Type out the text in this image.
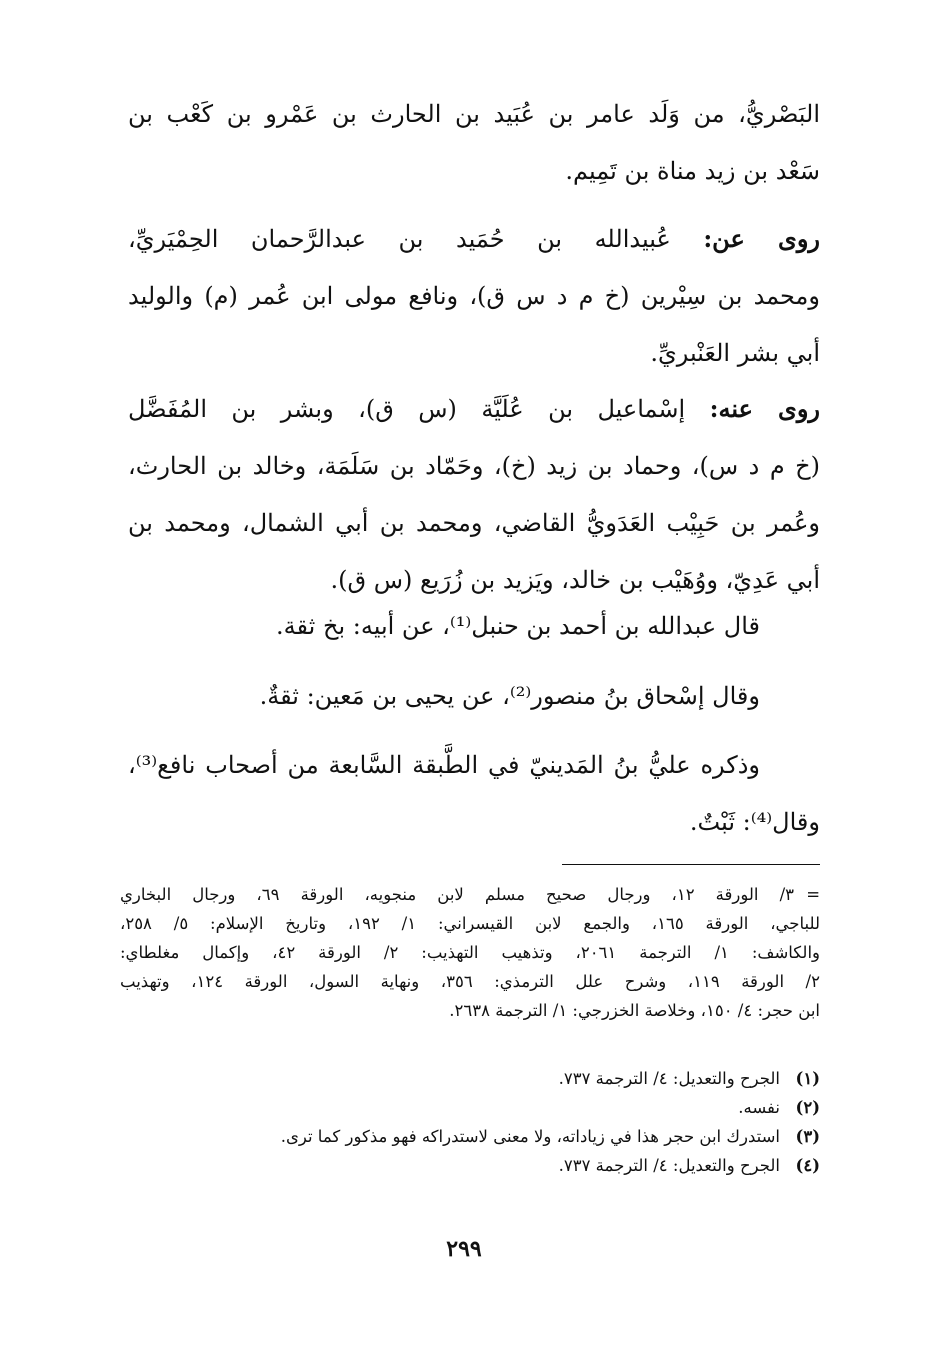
البَصْريُّ، من وَلَد عامر بن عُبَيد بن الحارث بن عَمْرو بن كَعْب بن
سَعْد بن زيد مناة بن تَمِيم.
روى عن: عُبيدالله بن حُمَيد بن عبدالرَّحمان الحِمْيَريِّ،
ومحمد بن سِيْرين (خ م د س ق)، ونافع مولى ابن عُمر (م) والوليد
أبي بشر العَنْبريِّ.
روى عنه: إسْماعيل بن عُلَيَّة (س ق)، وبشر بن المُفَضَّل
(خ م د س)، وحماد بن زيد (خ)، وحَمّاد بن سَلَمَة، وخالد بن الحارث،
وعُمر بن حَبِيْب العَدَويُّ القاضي، ومحمد بن أبي الشمال، ومحمد بن
أبي عَدِيّ، ووُهَيْب بن خالد، ويَزيد بن زُرَيع (س ق).
قال عبدالله بن أحمد بن حنبل⁽¹⁾، عن أبيه: بخ ثقة.
وقال إسْحاق بنُ منصور⁽²⁾، عن يحيى بن مَعين: ثقةٌ.
وذكره عليُّ بنُ المَدينيّ في الطَّبقة السَّابعة من أصحاب نافع⁽³⁾،
وقال⁽⁴⁾: ثَبْتٌ.
=٣/ الورقة ١٢، ورجال صحيح مسلم لابن منجويه، الورقة ٦٩، ورجال البخاري
للباجي، الورقة ١٦٥، والجمع لابن القيسراني: ١/ ١٩٢، وتاريخ الإسلام: ٥/ ٢٥٨،
والكاشف: ١/ الترجمة ٢٠٦١، وتذهيب التهذيب: ٢/ الورقة ٤٢، وإكمال مغلطاي:
٢/ الورقة ١١٩، وشرح علل الترمذي: ٣٥٦، ونهاية السول، الورقة ١٢٤، وتهذيب
ابن حجر: ٤/ ١٥٠، وخلاصة الخزرجي: ١/ الترجمة ٢٦٣٨.
(١)الجرح والتعديل: ٤/ الترجمة ٧٣٧.
(٢)نفسه.
(٣)استدرك ابن حجر هذا في زياداته، ولا معنى لاستدراكه فهو مذكور كما ترى.
(٤)الجرح والتعديل: ٤/ الترجمة ٧٣٧.
٢٩٩
